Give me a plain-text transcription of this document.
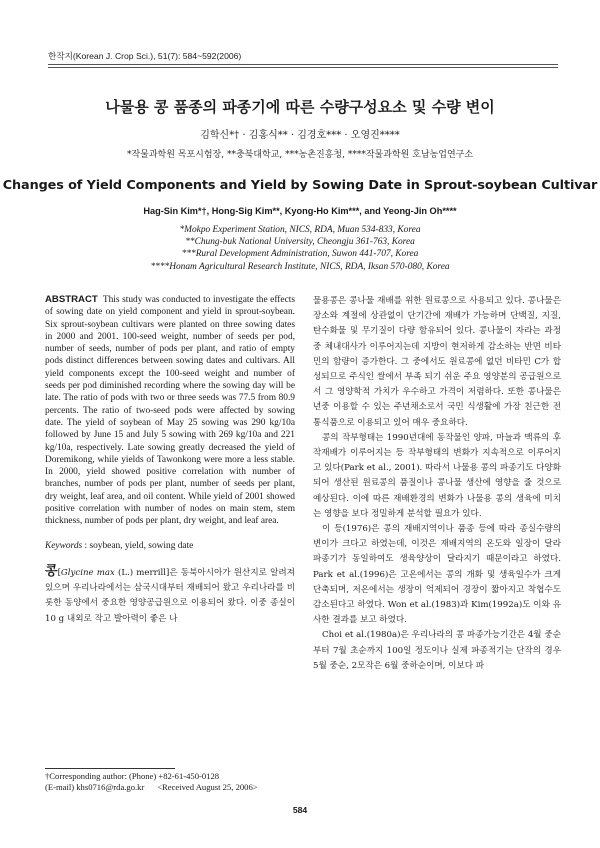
한작지(Korean J. Crop Sci.), 51(7): 584~592(2006)
나물용 콩 품종의 파종기에 따른 수량구성요소 및 수량 변이
김학신*† · 김홍식** · 김경호*** · 오영진****
*작물과학원 목포시험장, **충북대학교, ***농촌진흥청, ****작물과학원 호남농업연구소
Changes of Yield Components and Yield by Sowing Date in Sprout-soybean Cultivar
Hag-Sin Kim*†, Hong-Sig Kim**, Kyong-Ho Kim***, and Yeong-Jin Oh****
*Mokpo Experiment Station, NICS, RDA, Muan 534-833, Korea
**Chung-buk National University, Cheongju 361-763, Korea
***Rural Development Administration, Suwon 441-707, Korea
****Honam Agricultural Research Institute, NICS, RDA, Iksan 570-080, Korea
ABSTRACT This study was conducted to investigate the effects of sowing date on yield component and yield in sprout-soybean. Six sprout-soybean cultivars were planted on three sowing dates in 2000 and 2001. 100-seed weight, number of seeds per pod, number of seeds, number of pods per plant, and ratio of empty pods distinct differences between sowing dates and cultivars. All yield components except the 100-seed weight and number of seeds per pod diminished recording where the sowing day will be late. The ratio of pods with two or three seeds was 77.5 from 80.9 percents. The ratio of two-seed pods were affected by sowing date. The yield of soybean of May 25 sowing was 290 kg/10a followed by June 15 and July 5 sowing with 269 kg/10a and 221 kg/10a, respectively. Late sowing greatly decreased the yield of Doremikong, while yields of Tawonkong were more a less stable. In 2000, yield showed positive correlation with number of branches, number of pods per plant, number of seeds per plant, dry weight, leaf area, and oil content. While yield of 2001 showed positive correlation with number of nodes on main stem, stem thickness, number of pods per plant, dry weight, and leaf area.
Keywords : soybean, yield, sowing date
콩[Glycine max (L.) merrill]은 동북아시아가 원산지로 알려져 있으며 우리나라에서는 삼국시대부터 재배되어 왔고 우리나라를 비롯한 동양에서 중요한 영양공급원으로 이용되어 왔다. 이중 종실이 10 g 내외로 작고 발아력이 좋은 나

물용콩은 콩나물 재배를 위한 원료콩으로 사용되고 있다. 콩나물은 장소와 계절에 상관없이 단기간에 재배가 가능하며 단백질, 지질, 탄수화물 및 무기질이 다량 함유되어 있다. 콩나물이 자라는 과정 중 체내대사가 이루어지는데 지방이 현저하게 감소하는 반면 비타민의 함량이 증가한다. 그 중에서도 원료콩에 없던 비타민 C가 합성되므로 주식인 쌀에서 부족 되기 쉬운 주요 영양분의 공급원으로서 그 영양학적 가치가 우수하고 가격이 저렴하다. 또한 콩나물은 년중 이용할 수 있는 주년채소로서 국민 식생활에 가장 친근한 전통식품으로 이용되고 있어 매우 중요하다.

콩의 작부형태는 1990년대에 동작물인 양파, 마늘과 맥류의 후작재배가 이루어지는 등 작부형태의 변화가 지속적으로 이루어지고 있다(Park et al., 2001). 따라서 나물용 콩의 파종기도 다양화되어 생산된 원료콩의 품질이나 콩나물 생산에 영향을 줄 것으로 예상된다. 이에 따른 재배환경의 변화가 나물용 콩의 생육에 미치는 영향을 보다 정밀하게 분석할 필요가 있다.

이 등(1976)은 콩의 재배지역이나 품종 등에 따라 종실수량의 변이가 크다고 하였는데, 이것은 재배지역의 온도와 일장이 달라 파종기가 동일하여도 생육양상이 달라지기 때문이라고 하였다. Park et al.(1996)은 고온에서는 콩의 개화 및 생육일수가 크게 단축되며, 저온에서는 생장이 억제되어 경장이 짧아지고 착협수도 감소된다고 하였다. Won et al.(1983)과 Kim(1992a)도 이와 유사한 결과를 보고 하였다.

Choi et al.(1980a)은 우리나라의 콩 파종가능기간은 4월 중순부터 7월 초순까지 100일 정도이나 실제 파종적기는 단작의 경우 5월 중순, 2모작은 6월 중하순이며, 이보다 파

†Corresponding author: (Phone) +82-61-450-0128
(E-mail) khs0716@rda.go.kr      <Received August 25, 2006>
584
